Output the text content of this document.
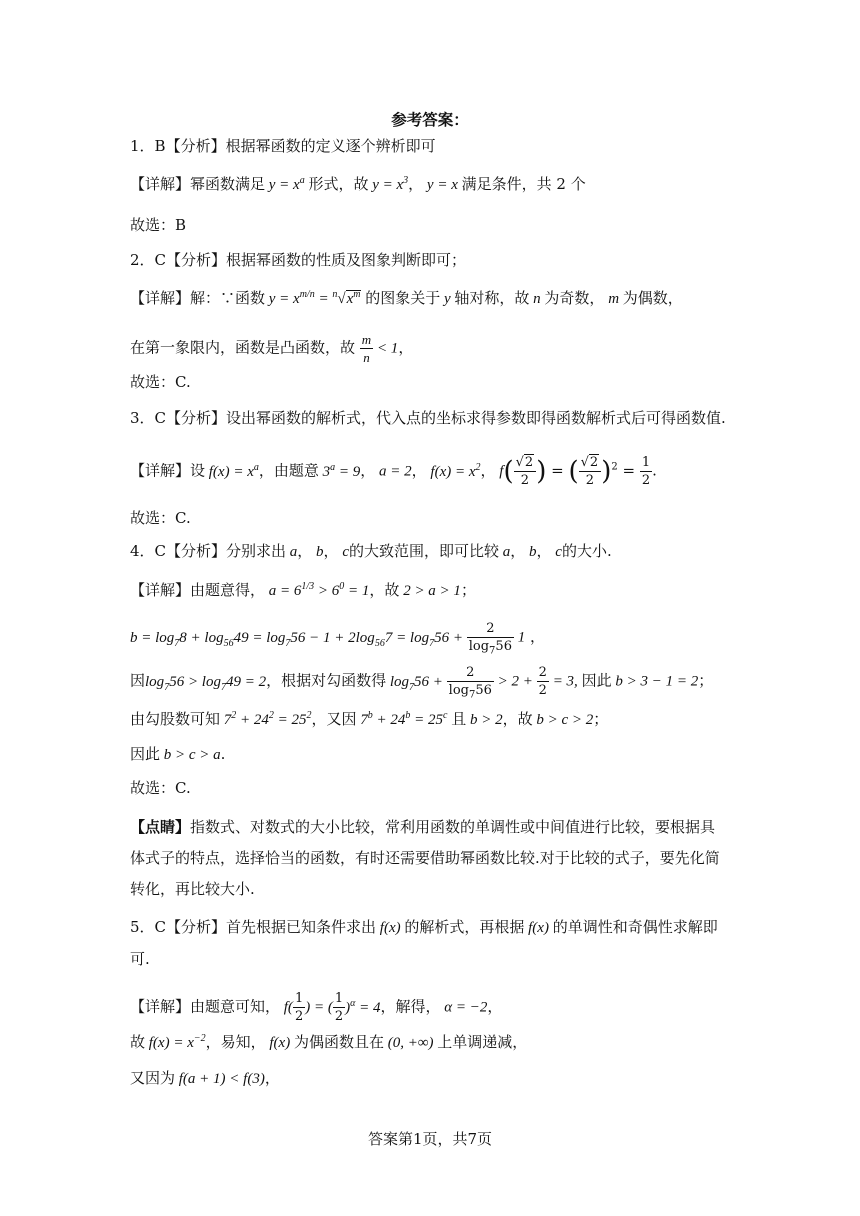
参考答案：
1．B【分析】根据幂函数的定义逐个辨析即可
【详解】幂函数满足 $y = x^a$ 形式，故 $y = x^3$， y = x 满足条件，共 2 个
故选：B
2．C【分析】根据幂函数的性质及图象判断即可；
【详解】解：∵函数 $y = x^{m/n} = ^n√x^m$ 的图象关于 y 轴对称，故 n 为奇数， m 为偶数，
在第一象限内，函数是凸函数，故 $\frac{m}{n} < 1$，
故选：C.
3．C【分析】设出幂函数的解析式，代入点的坐标求得参数即得函数解析式后可得函数值.
【详解】设 $f(x) = x^a$，由题意 $3^a = 9$， a = 2， $f(x) = x^2$， $f( \frac{√2}{2}$ ) = ( $\frac{√2}{2} )^2 = \frac{1}{2}$ .
故选：C.
4．C【分析】分别求出 a， b， c的大致范围，即可比较 a， b， c的大小.
【详解】由题意得， $a = 6^{1/3} > 6^0 = 1$，故 2 > a > 1；
$b = \log_78 + \log_{56}49 = \log_756 - 1 + 2\log_{56}7 = \log_756 + \frac{2}{\log_756} 1$ ，
因$\log_756 > \log_749 = 2$，根据对勾函数得 $\log_756 + \frac{2}{\log_756} > 2 + \frac{2}{2} = 3$, 因此 b > 3 − 1 = 2；
由勾股数可知 $7^2 + 24^2 = 25^2$，又因 $7^b + 24^b = 25^c$ 且 b > 2，故 b > c > 2；
因此 b > c > a.
故选：C.
【点睛】指数式、对数式的大小比较，常利用函数的单调性或中间值进行比较，要根据具体式子的特点，选择恰当的函数，有时还需要借助幂函数比较.对于比较的式子，要先化简转化，再比较大小.
5．C【分析】首先根据已知条件求出 f(x) 的解析式，再根据 f(x) 的单调性和奇偶性求解即
可.
【详解】由题意可知， $f( \frac{1}{2}$ ) = ( $\frac{1}{2} )^\alpha = 4$，解得， α = −2，
故 $f(x) = x^{-2}$，易知， f(x) 为偶函数且在 (0, +∞) 上单调递减，
又因为 f(a + 1) < f(3)，
答案第1页，共7页
